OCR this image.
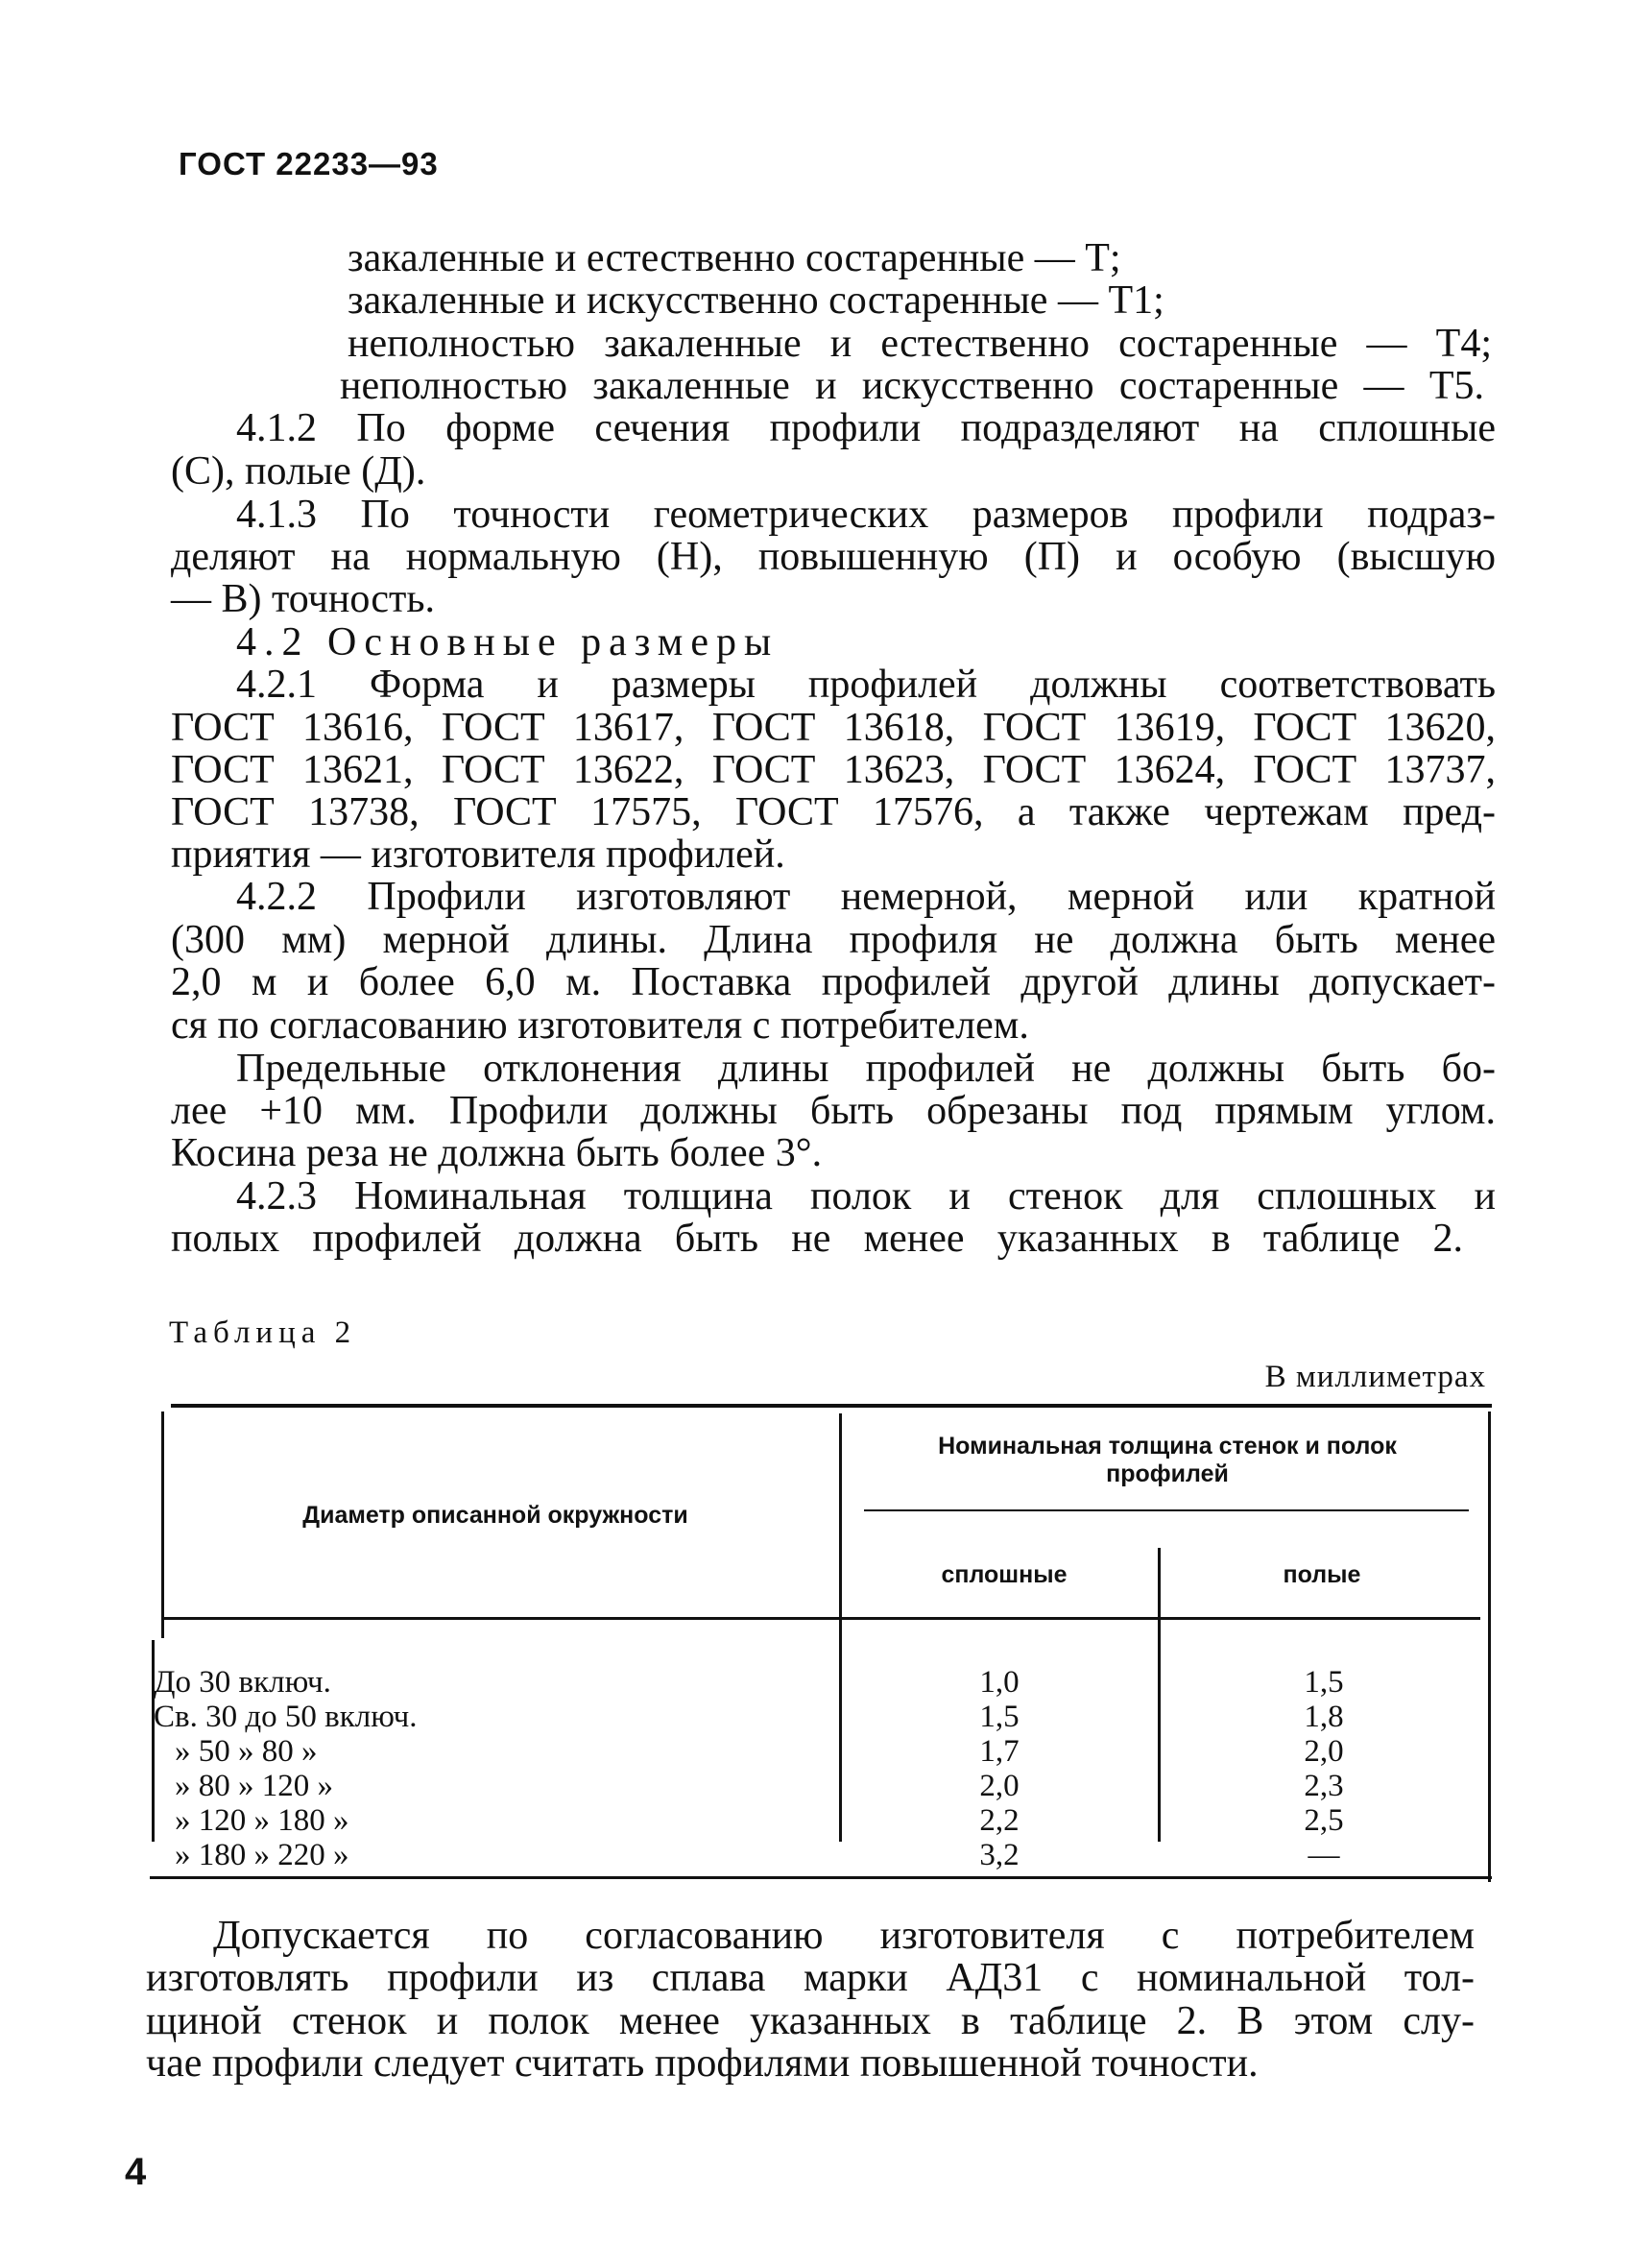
ГОСТ 22233—93
закаленные и естественно состаренные — Т;
закаленные и искусственно состаренные — Т1;
неполностью закаленные и естественно состаренные — Т4;
неполностью закаленные и искусственно состаренные — Т5.
4.1.2 По форме сечения профили подразделяют на сплошные
(С), полые (Д).
4.1.3 По точности геометрических размеров профили подраз-
деляют на нормальную (Н), повышенную (П) и особую (высшую
— В) точность.
4.2 Основные размеры
4.2.1 Форма и размеры профилей должны соответствовать
ГОСТ 13616, ГОСТ 13617, ГОСТ 13618, ГОСТ 13619, ГОСТ 13620,
ГОСТ 13621, ГОСТ 13622, ГОСТ 13623, ГОСТ 13624, ГОСТ 13737,
ГОСТ 13738, ГОСТ 17575, ГОСТ 17576, а также чертежам пред-
приятия — изготовителя профилей.
4.2.2 Профили изготовляют немерной, мерной или кратной
(300 мм) мерной длины. Длина профиля не должна быть менее
2,0 м и более 6,0 м. Поставка профилей другой длины допускает-
ся по согласованию изготовителя с потребителем.
Предельные отклонения длины профилей не должны быть бо-
лее +10 мм. Профили должны быть обрезаны под прямым углом.
Косина реза не должна быть более 3°.
4.2.3 Номинальная толщина полок и стенок для сплошных и
полых профилей должна быть не менее указанных в таблице 2.
Таблица 2
В миллиметрах
Диаметр описанной окружности
Номинальная толщина стенок и полок профилей
сплошные	полые
До 30 включ.
Св. 30 до 50 включ.
» 50 » 80 »
» 80 » 120 »
» 120 » 180 »
» 180 » 220 »
1,0
1,5
1,7
2,0
2,2
3,2
1,5
1,8
2,0
2,3
2,5
—
Допускается по согласованию изготовителя с потребителем
изготовлять профили из сплава марки АД31 с номинальной тол-
щиной стенок и полок менее указанных в таблице 2. В этом слу-
чае профили следует считать профилями повышенной точности.
4
